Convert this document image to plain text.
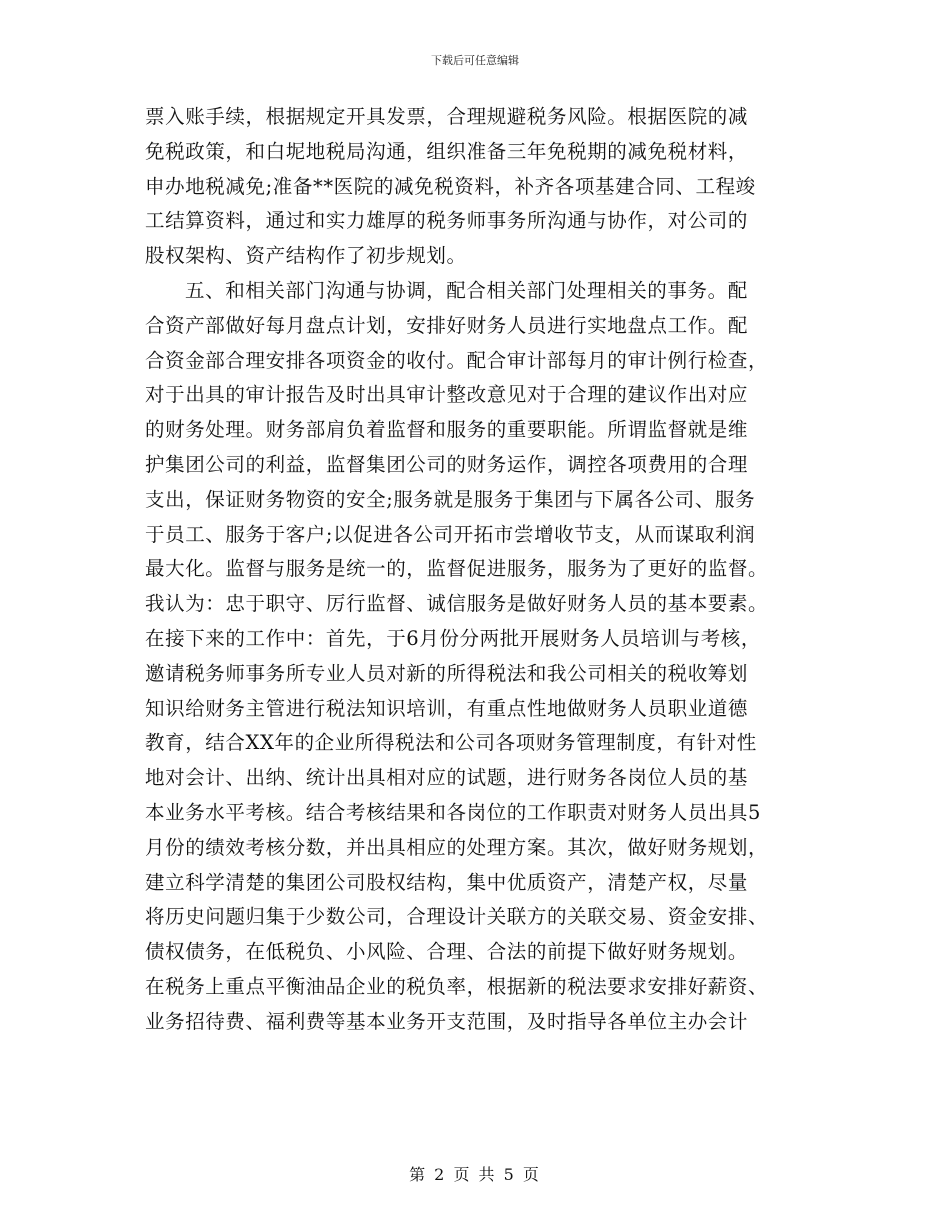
下载后可任意编辑
票入账手续，根据规定开具发票，合理规避税务风险。根据医院的减
免税政策，和白坭地税局沟通，组织准备三年免税期的减免税材料，
申办地税减免;准备**医院的减免税资料，补齐各项基建合同、工程竣
工结算资料，通过和实力雄厚的税务师事务所沟通与协作，对公司的
股权架构、资产结构作了初步规划。
五、和相关部门沟通与协调，配合相关部门处理相关的事务。配
合资产部做好每月盘点计划，安排好财务人员进行实地盘点工作。配
合资金部合理安排各项资金的收付。配合审计部每月的审计例行检查，
对于出具的审计报告及时出具审计整改意见对于合理的建议作出对应
的财务处理。财务部肩负着监督和服务的重要职能。所谓监督就是维
护集团公司的利益，监督集团公司的财务运作，调控各项费用的合理
支出，保证财务物资的安全;服务就是服务于集团与下属各公司、服务
于员工、服务于客户;以促进各公司开拓市尝增收节支，从而谋取利润
最大化。监督与服务是统一的，监督促进服务，服务为了更好的监督。
我认为：忠于职守、厉行监督、诚信服务是做好财务人员的基本要素。
在接下来的工作中：首先，于6月份分两批开展财务人员培训与考核，
邀请税务师事务所专业人员对新的所得税法和我公司相关的税收筹划
知识给财务主管进行税法知识培训，有重点性地做财务人员职业道德
教育，结合XX年的企业所得税法和公司各项财务管理制度，有针对性
地对会计、出纳、统计出具相对应的试题，进行财务各岗位人员的基
本业务水平考核。结合考核结果和各岗位的工作职责对财务人员出具5
月份的绩效考核分数，并出具相应的处理方案。其次，做好财务规划，
建立科学清楚的集团公司股权结构，集中优质资产，清楚产权，尽量
将历史问题归集于少数公司，合理设计关联方的关联交易、资金安排、
债权债务，在低税负、小风险、合理、合法的前提下做好财务规划。
在税务上重点平衡油品企业的税负率，根据新的税法要求安排好薪资、
业务招待费、福利费等基本业务开支范围，及时指导各单位主办会计
第 2 页 共 5 页
